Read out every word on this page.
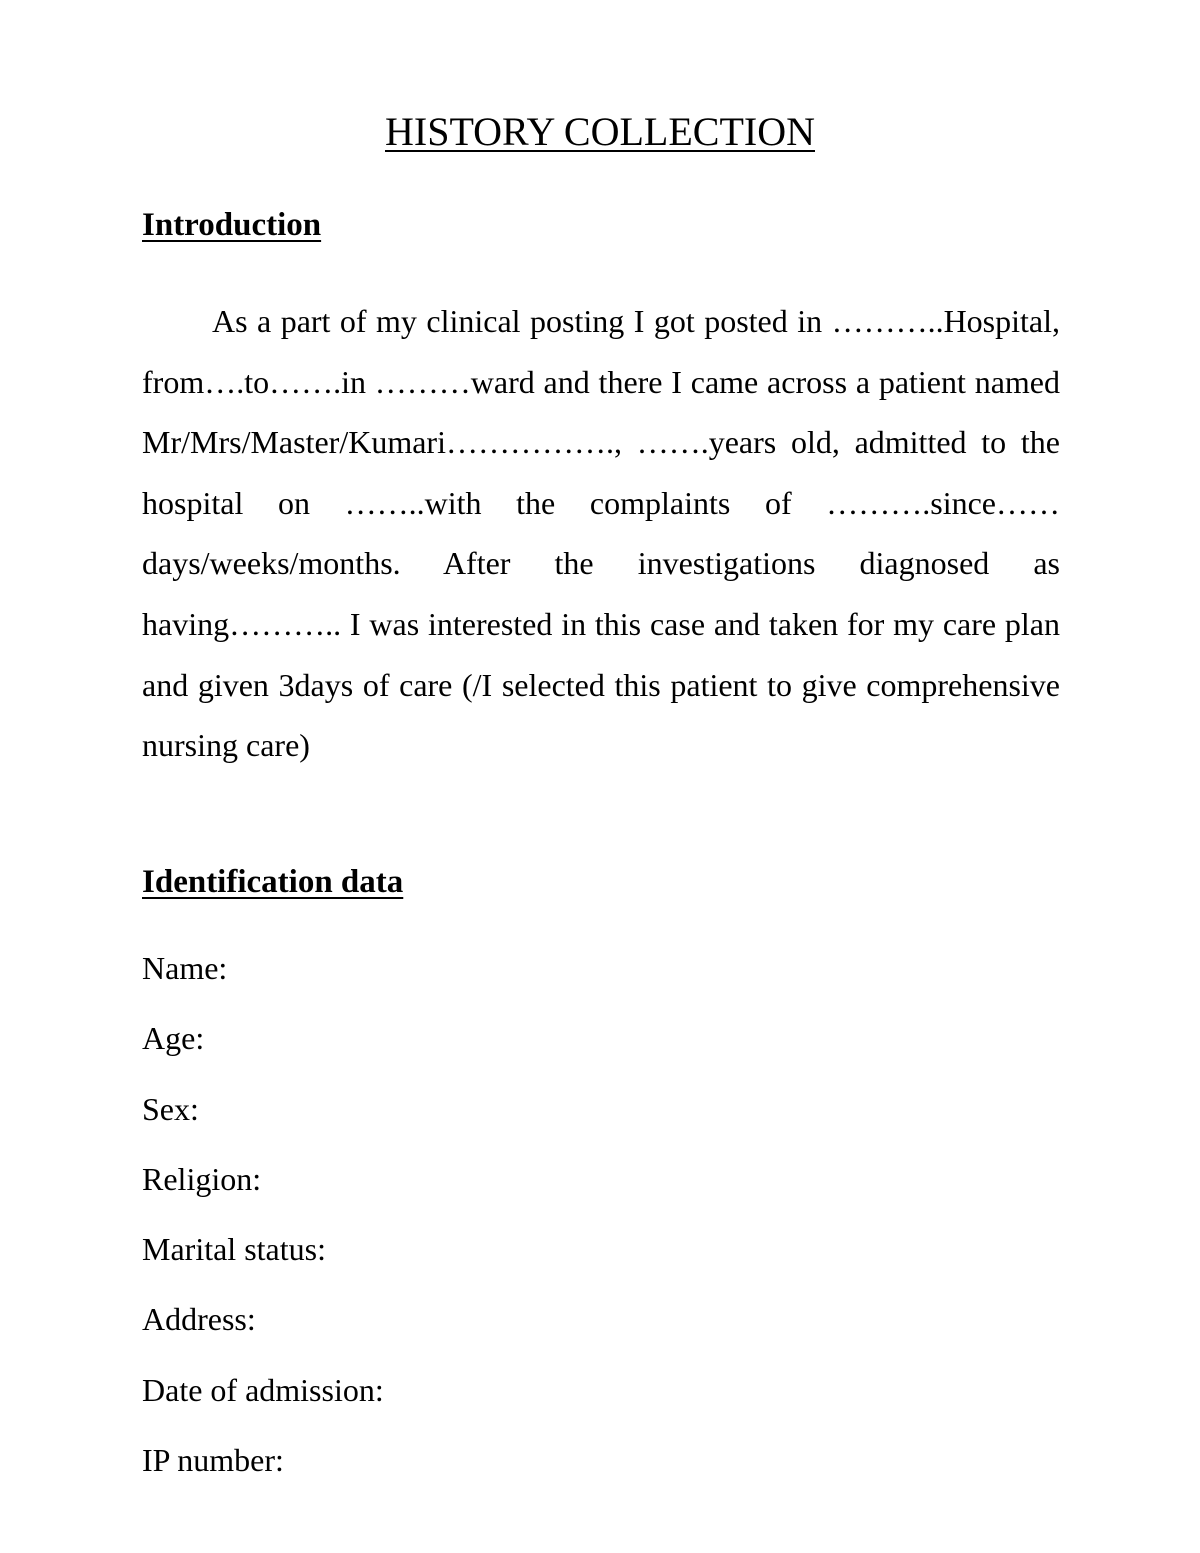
HISTORY COLLECTION
Introduction

As a part of my clinical posting I got posted in ………..Hospital, from….to…….in ………ward and there I came across a patient named Mr/Mrs/Master/Kumari……………., …….years old, admitted to the hospital on ……..with the complaints of ……….since……days/weeks/months. After the investigations diagnosed as having……….. I was interested in this case and taken for my care plan and given 3days of care (/I selected this patient to give comprehensive nursing care)

Identification data
Name:
Age:
Sex:
Religion:
Marital status:
Address:
Date of admission:
IP number:
